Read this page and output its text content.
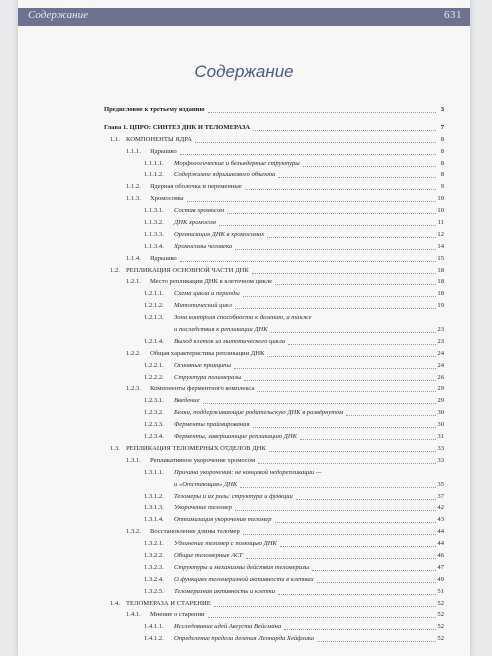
Содержание	631
Содержание
Предисловие к третьему изданию	3
Глава 1. ЦПРО: СИНТЕЗ ДНК И ТЕЛОМЕРАЗА	7
1.1. КОМПОНЕНТЫ ЯДРА	8
1.1.1. Ядрышко	8
1.1.1.1. Морфологические и безъядерные структуры	8
1.1.1.2. Содержимое ядрышкового объекта	8
1.1.2. Ядерная оболочка и переменные	9
1.1.3. Хромосомы	10
1.1.3.1. Состав хромосом	10
1.1.3.2. ДНК хромосом	11
1.1.3.3. Организация ДНК в хромосомах	12
1.1.3.4. Хромосомы человека	14
1.1.4. Ядрышко	15
1.2. РЕПЛИКАЦИЯ ОСНОВНОЙ ЧАСТИ ДНК	18
1.2.1. Место репликации ДНК в клеточном цикле	18
1.2.1.1. Схема цикла и периоды	18
1.2.1.2. Митотический цикл	19
1.2.1.3. Зона контроля способности к делению, а также
и последствия к репликации ДНК	23
1.2.1.4. Выход клеток из митотического цикла	23
1.2.2. Общая характеристика репликации ДНК	24
1.2.2.1. Основные принципы	24
1.2.2.2. Структура полимеразы	26
1.2.3. Компоненты ферментного комплекса	29
1.2.3.1. Введение	29
1.2.3.2. Белки, поддерживающие родительскую ДНК в развёрнутом	30
1.2.3.3. Ферменты праймирования	30
1.2.3.4. Ферменты, завершающие репликацию ДНК	31
1.3. РЕПЛИКАЦИЯ ТЕЛОМЕРНЫХ ОТДЕЛОВ ДНК	33
1.3.1. Репликативное укорочение хромосом	33
1.3.1.1. Причина укорочения: не концевой недорепликации —
и «Отстающая» ДНК	35
1.3.1.2. Теломеры и их роль: структура и функции	37
1.3.1.3. Укорочение теломер	42
1.3.1.4. Оптимизация укорочения теломер	43
1.3.2. Восстановление длины теломер	44
1.3.2.1. Удлинение теломер с помощью ДНК	44
1.3.2.2. Общие теломерные АСГ	46
1.3.2.3. Структуры и механизмы действия теломеразы	47
1.3.2.4. О функциях теломеразной активности в клетках	49
1.3.2.5. Теломеразная активность и клетки	51
1.4. ТЕЛОМЕРАЗА И СТАРЕНИЕ	52
1.4.1. Мнение о старении	52
1.4.1.1. Исследование идей Августа Вейсмана	52
1.4.1.2. Определение предела деления Леонарда Хейфлика	52
